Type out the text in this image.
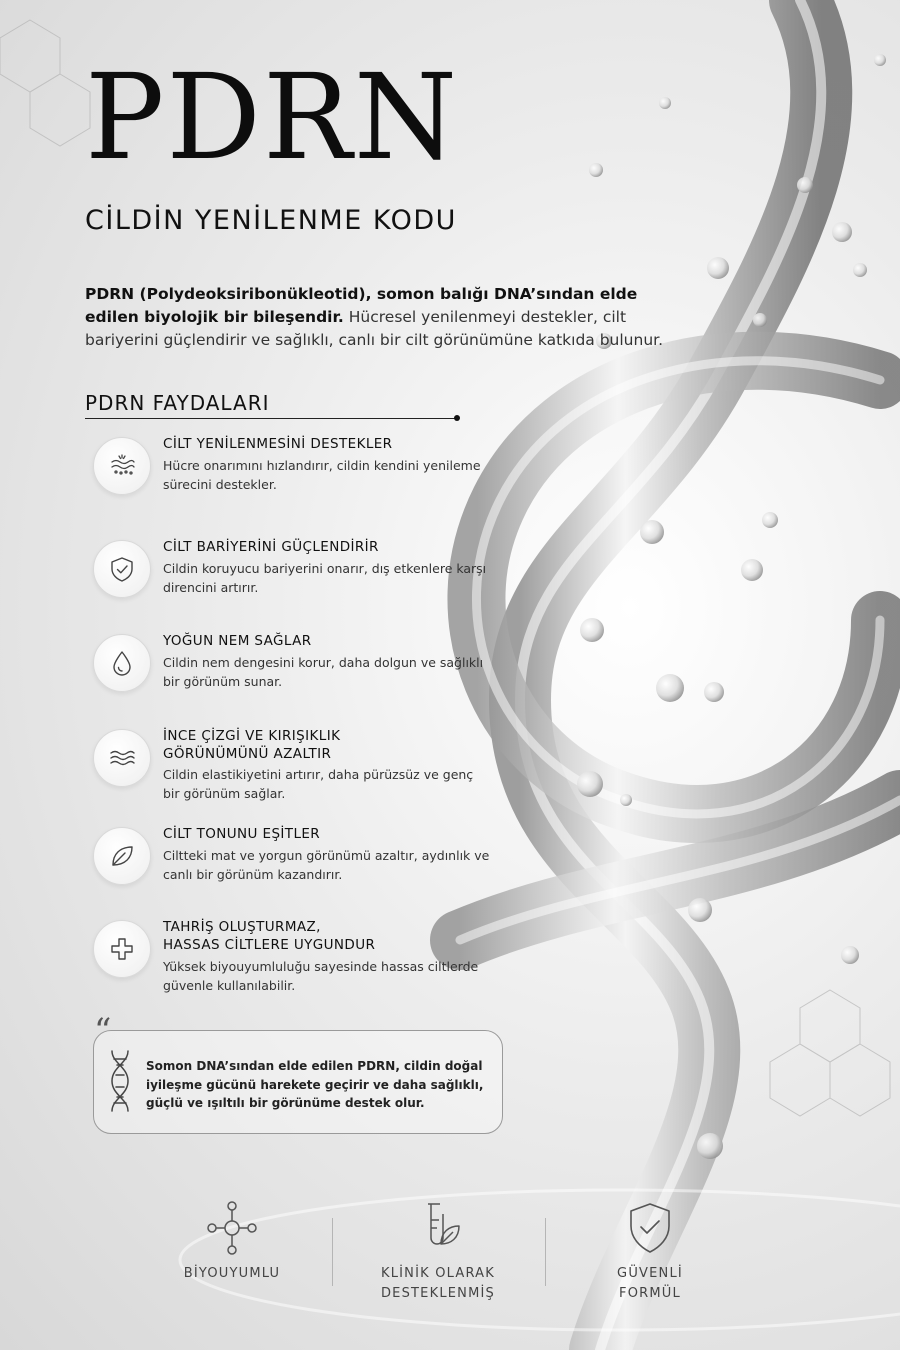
PDRN
CİLDİN YENİLENME KODU
PDRN (Polydeoksiribonükleotid), somon balığı DNA’sından elde edilen biyolojik bir bileşendir. Hücresel yenilenmeyi destekler, cilt bariyerini güçlendirir ve sağlıklı, canlı bir cilt görünümüne katkıda bulunur.
PDRN FAYDALARI
CİLT YENİLENMESİNİ DESTEKLER
Hücre onarımını hızlandırır, cildin kendini yenileme sürecini destekler.
CİLT BARİYERİNİ GÜÇLENDİRİR
Cildin koruyucu bariyerini onarır, dış etkenlere karşı direncini artırır.
YOĞUN NEM SAĞLAR
Cildin nem dengesini korur, daha dolgun ve sağlıklı bir görünüm sunar.
İNCE ÇİZGİ VE KIRIŞIKLIK
GÖRÜNÜMÜNÜ AZALTIR
Cildin elastikiyetini artırır, daha pürüzsüz ve genç bir görünüm sağlar.
CİLT TONUNU EŞİTLER
Ciltteki mat ve yorgun görünümü azaltır, aydınlık ve canlı bir görünüm kazandırır.
TAHRİŞ OLUŞTURMAZ,
HASSAS CİLTLERE UYGUNDUR
Yüksek biyouyumluluğu sayesinde hassas ciltlerde güvenle kullanılabilir.
“
Somon DNA’sından elde edilen PDRN, cildin doğal iyileşme gücünü harekete geçirir ve daha sağlıklı, güçlü ve ışıltılı bir görünüme destek olur.
BİYOUYUMLU	KLİNİK OLARAK
DESTEKLENMİŞ
GÜVENLİ
FORMÜL
